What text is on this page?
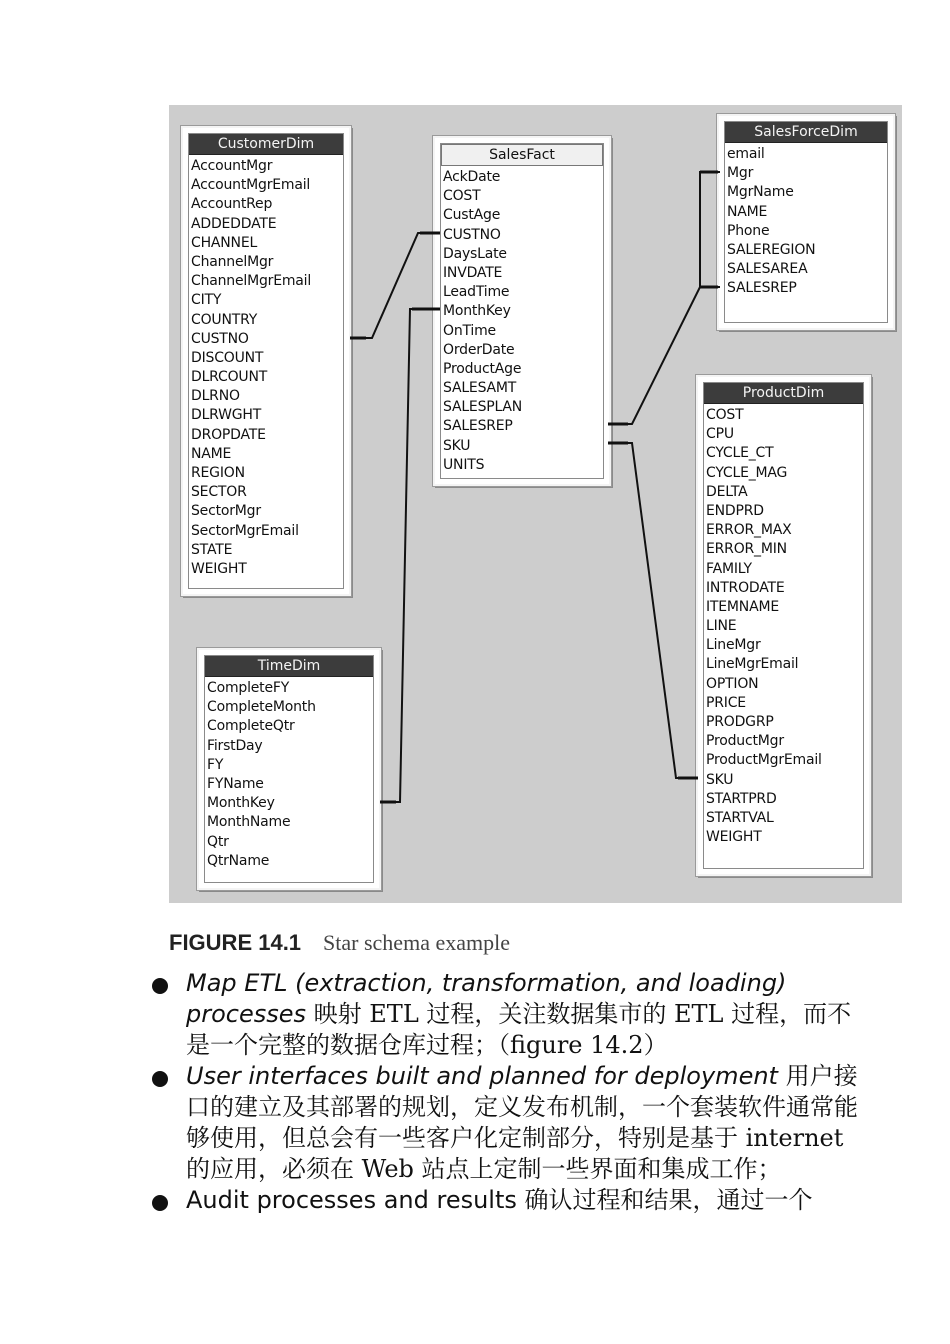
CustomerDim
AccountMgr
AccountMgrEmail
AccountRep
ADDEDDATE
CHANNEL
ChannelMgr
ChannelMgrEmail
CITY
COUNTRY
CUSTNO
DISCOUNT
DLRCOUNT
DLRNO
DLRWGHT
DROPDATE
NAME
REGION
SECTOR
SectorMgr
SectorMgrEmail
STATE
WEIGHT
SalesFact
AckDate
COST
CustAge
CUSTNO
DaysLate
INVDATE
LeadTime
MonthKey
OnTime
OrderDate
ProductAge
SALESAMT
SALESPLAN
SALESREP
SKU
UNITS
SalesForceDim
email
Mgr
MgrName
NAME
Phone
SALEREGION
SALESAREA
SALESREP
ProductDim
COST
CPU
CYCLE_CT
CYCLE_MAG
DELTA
ENDPRD
ERROR_MAX
ERROR_MIN
FAMILY
INTRODATE
ITEMNAME
LINE
LineMgr
LineMgrEmail
OPTION
PRICE
PRODGRP
ProductMgr
ProductMgrEmail
SKU
STARTPRD
STARTVAL
WEIGHT
TimeDim
CompleteFY
CompleteMonth
CompleteQtr
FirstDay
FY
FYName
MonthKey
MonthName
Qtr
QtrName
FIGURE 14.1 Star schema example
Map ETL (extraction, transformation, and loading) processes 映射 ETL 过程，关注数据集市的 ETL 过程，而不是一个完整的数据仓库过程；（figure 14.2）
User interfaces built and planned for deployment 用户接口的建立及其部署的规划，定义发布机制，一个套装软件通常能够使用，但总会有一些客户化定制部分，特别是基于 internet 的应用，必须在 Web 站点上定制一些界面和集成工作；
Audit processes and results 确认过程和结果，通过一个
